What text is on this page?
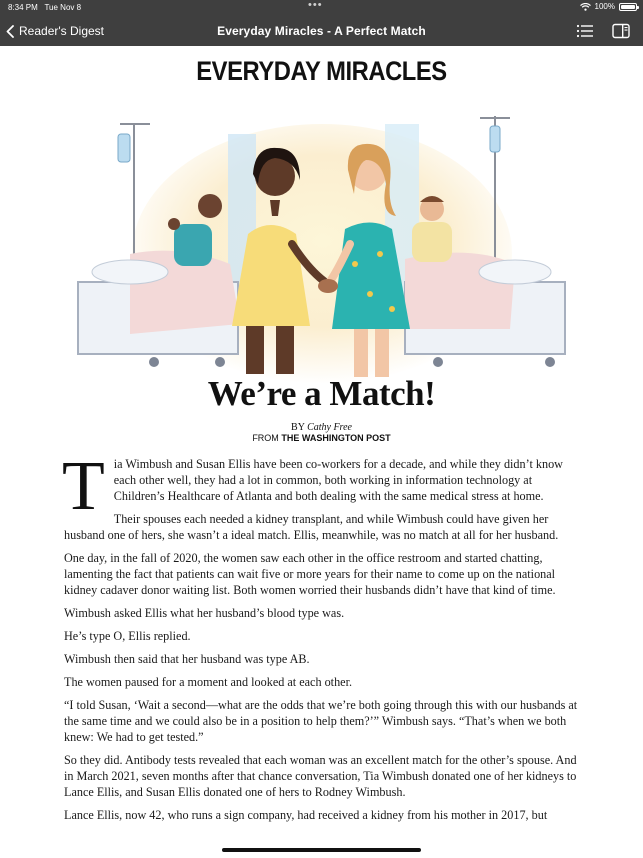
8:34 PM Tue Nov 8	•••	100%
Reader's Digest	Everyday Miracles - A Perfect Match
EVERYDAY MIRACLES
We’re a Match!
BY Cathy Free
FROM THE WASHINGTON POST

Tia Wimbush and Susan Ellis have been co-workers for a decade, and while they didn’t know each other well, they had a lot in common, both working in information technology at Children’s Healthcare of Atlanta and both dealing with the same medical stress at home.

Their spouses each needed a kidney transplant, and while Wimbush could have given her husband one of hers, she wasn’t a ideal match. Ellis, meanwhile, was no match at all for her husband.

One day, in the fall of 2020, the women saw each other in the office restroom and started chatting, lamenting the fact that patients can wait five or more years for their name to come up on the national kidney cadaver donor waiting list. Both women worried their husbands didn’t have that kind of time.

Wimbush asked Ellis what her husband’s blood type was.

He’s type O, Ellis replied.

Wimbush then said that her husband was type AB.

The women paused for a moment and looked at each other.

“I told Susan, ‘Wait a second—what are the odds that we’re both going through this with our husbands at the same time and we could also be in a position to help them?’” Wimbush says. “That’s when we both knew: We had to get tested.”

So they did. Antibody tests revealed that each woman was an excellent match for the other’s spouse. And in March 2021, seven months after that chance conversation, Tia Wimbush donated one of her kidneys to Lance Ellis, and Susan Ellis donated one of hers to Rodney Wimbush.

Lance Ellis, now 42, who runs a sign company, had received a kidney from his mother in 2017, but
